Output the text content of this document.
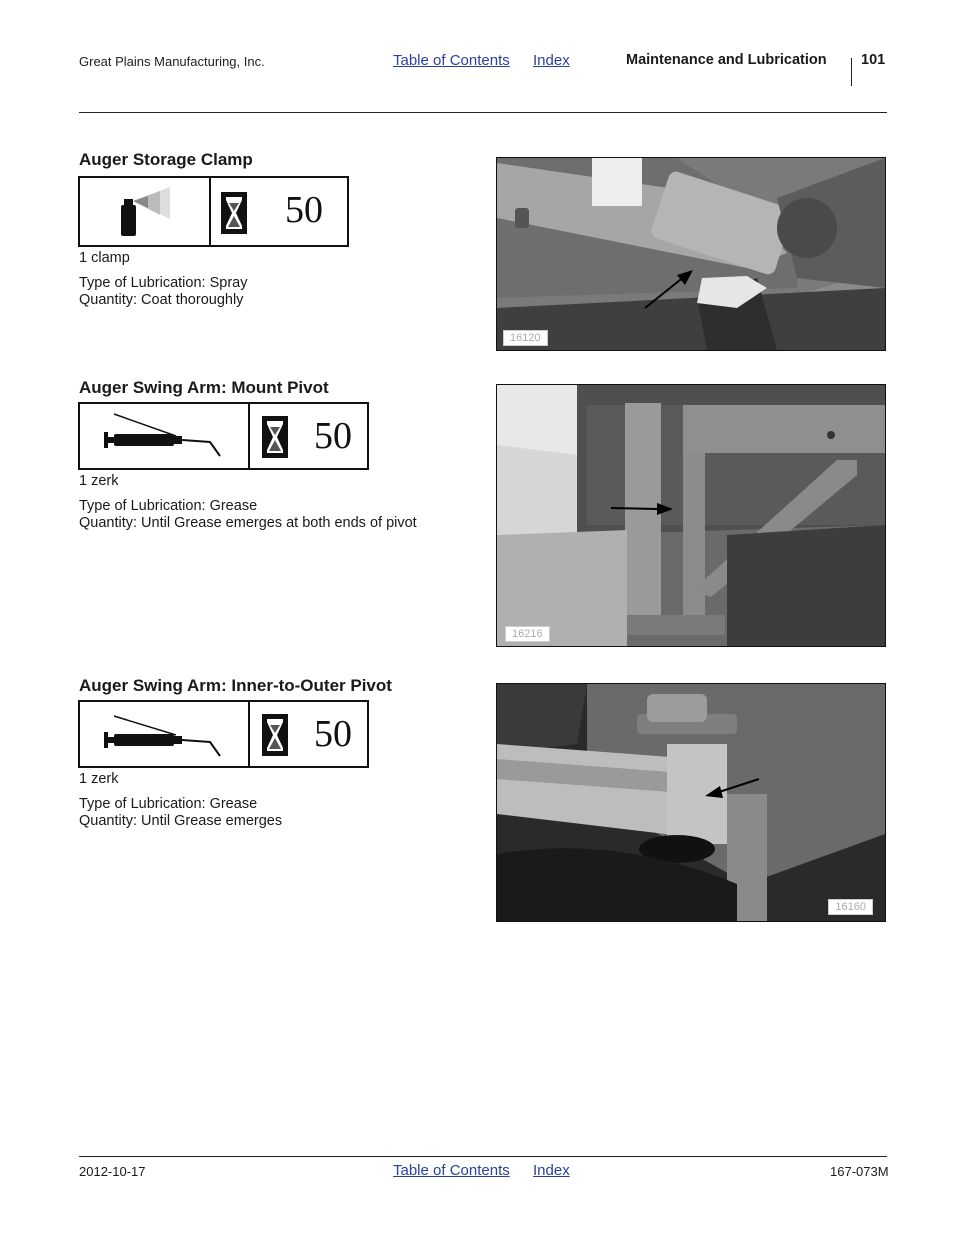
Great Plains Manufacturing, Inc.	Table of Contents Index	Maintenance and Lubrication 101
Auger Storage Clamp
50
1 clamp
Type of Lubrication: Spray
Quantity: Coat thoroughly
16120
Auger Swing Arm: Mount Pivot
50
1 zerk
Type of Lubrication: Grease
Quantity: Until Grease emerges at both ends of pivot
16216
Auger Swing Arm: Inner-to-Outer Pivot
50
1 zerk
Type of Lubrication: Grease
Quantity: Until Grease emerges
16160
2012-10-17	Table of Contents Index	167-073M
